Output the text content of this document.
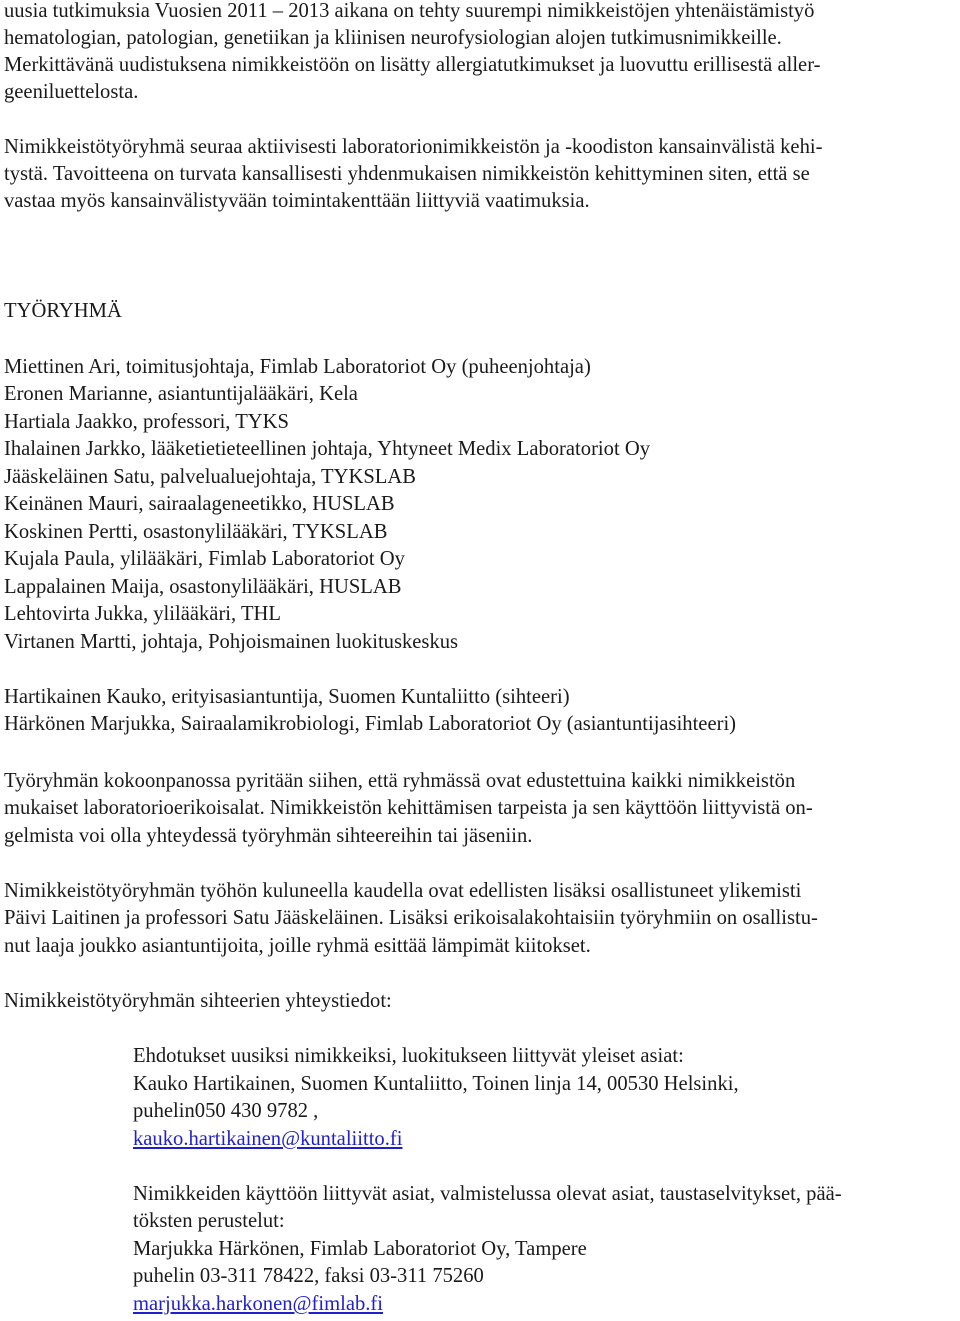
uusia tutkimuksia Vuosien 2011 – 2013 aikana on tehty suurempi nimikkeistöjen yhtenäistämistyö
hematologian, patologian, genetiikan ja kliinisen neurofysiologian alojen tutkimusnimikkeille.
Merkittävänä uudistuksena nimikkeistöön on lisätty allergiatutkimukset ja luovuttu erillisestä aller-
geeniluettelosta.
Nimikkeistötyöryhmä seuraa aktiivisesti laboratorionimikkeistön ja -koodiston kansainvälistä kehi-
tystä. Tavoitteena on turvata kansallisesti yhdenmukaisen nimikkeistön kehittyminen siten, että se
vastaa myös kansainvälistyvään toimintakenttään liittyviä vaatimuksia.
TYÖRYHMÄ
Miettinen Ari, toimitusjohtaja, Fimlab Laboratoriot Oy (puheenjohtaja)
Eronen Marianne, asiantuntijalääkäri, Kela
Hartiala Jaakko, professori, TYKS
Ihalainen Jarkko, lääketietieteellinen johtaja, Yhtyneet Medix Laboratoriot Oy
Jääskeläinen Satu, palvelualuejohtaja, TYKSLAB
Keinänen Mauri, sairaalageneetikko, HUSLAB
Koskinen Pertti, osastonylilääkäri, TYKSLAB
Kujala Paula, ylilääkäri, Fimlab Laboratoriot Oy
Lappalainen Maija, osastonylilääkäri, HUSLAB
Lehtovirta Jukka, ylilääkäri, THL
Virtanen Martti, johtaja, Pohjoismainen luokituskeskus
Hartikainen Kauko, erityisasiantuntija, Suomen Kuntaliitto (sihteeri)
Härkönen Marjukka, Sairaalamikrobiologi, Fimlab Laboratoriot Oy (asiantuntijasihteeri)
Työryhmän kokoonpanossa pyritään siihen, että ryhmässä ovat edustettuina kaikki nimikkeistön
mukaiset laboratorioerikoisalat. Nimikkeistön kehittämisen tarpeista ja sen käyttöön liittyvistä on-
gelmista voi olla yhteydessä työryhmän sihteereihin tai jäseniin.
Nimikkeistötyöryhmän työhön kuluneella kaudella ovat edellisten lisäksi osallistuneet ylikemisti
Päivi Laitinen ja professori Satu Jääskeläinen. Lisäksi erikoisalakohtaisiin työryhmiin on osallistu-
nut laaja joukko asiantuntijoita, joille ryhmä esittää lämpimät kiitokset.
Nimikkeistötyöryhmän sihteerien yhteystiedot:
Ehdotukset uusiksi nimikkeiksi, luokitukseen liittyvät yleiset asiat:
Kauko Hartikainen, Suomen Kuntaliitto, Toinen linja 14, 00530 Helsinki,
puhelin050 430 9782 ,
kauko.hartikainen@kuntaliitto.fi
Nimikkeiden käyttöön liittyvät asiat, valmistelussa olevat asiat, taustaselvitykset, pää-
töksten perustelut:
Marjukka Härkönen, Fimlab Laboratoriot Oy, Tampere
puhelin 03-311 78422, faksi 03-311 75260
marjukka.harkonen@fimlab.fi
